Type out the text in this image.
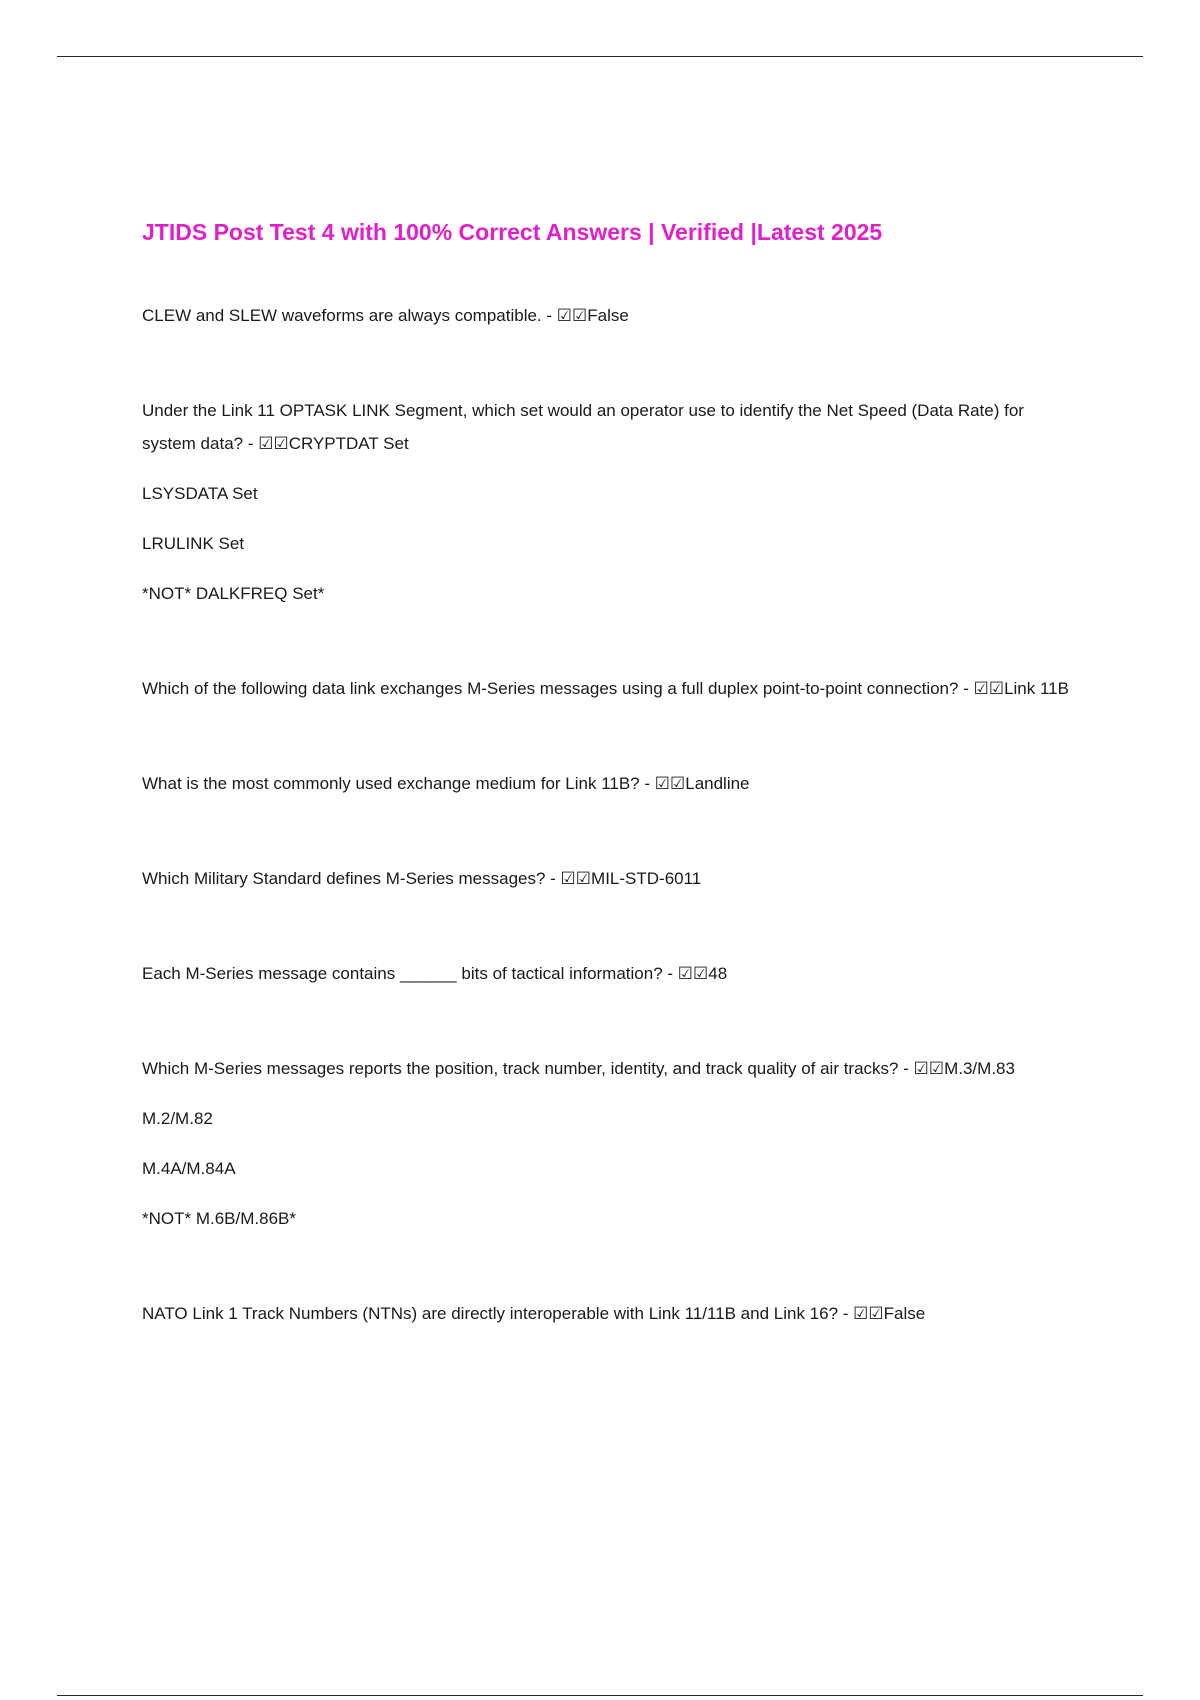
JTIDS Post Test 4 with 100% Correct Answers | Verified |Latest 2025
CLEW and SLEW waveforms are always compatible. - ☑☑False
Under the Link 11 OPTASK LINK Segment, which set would an operator use to identify the Net Speed (Data Rate) for system data? - ☑☑CRYPTDAT Set
LSYSDATA Set
LRULINK Set
*NOT* DALKFREQ Set*
Which of the following data link exchanges M-Series messages using a full duplex point-to-point connection? - ☑☑Link 11B
What is the most commonly used exchange medium for Link 11B? - ☑☑Landline
Which Military Standard defines M-Series messages? - ☑☑MIL-STD-6011
Each M-Series message contains ______ bits of tactical information? - ☑☑48
Which M-Series messages reports the position, track number, identity, and track quality of air tracks? - ☑☑M.3/M.83
M.2/M.82
M.4A/M.84A
*NOT* M.6B/M.86B*
NATO Link 1 Track Numbers (NTNs) are directly interoperable with Link 11/11B and Link 16? - ☑☑False
